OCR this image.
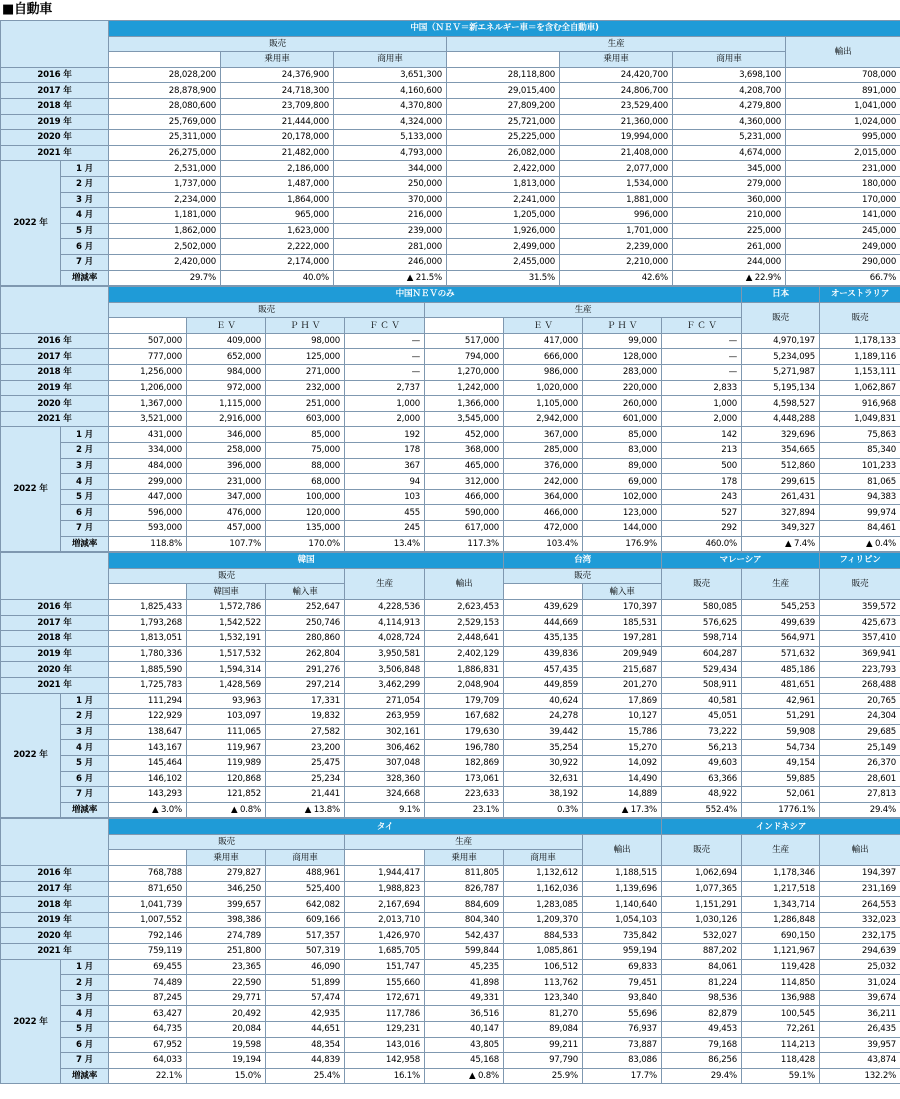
■自動車
		中国（ＮＥＶ＝新エネルギー車＝を含む全自動車)						
		販売			生産			輸出
			乗用車	商用車		乗用車	商用車	
2016 年		28,028,200	24,376,900	3,651,300	28,118,800	24,420,700	3,698,100	708,000
2017 年		28,878,900	24,718,300	4,160,600	29,015,400	24,806,700	4,208,700	891,000
2018 年		28,080,600	23,709,800	4,370,800	27,809,200	23,529,400	4,279,800	1,041,000
2019 年		25,769,000	21,444,000	4,324,000	25,721,000	21,360,000	4,360,000	1,024,000
2020 年		25,311,000	20,178,000	5,133,000	25,225,000	19,994,000	5,231,000	995,000
2021 年		26,275,000	21,482,000	4,793,000	26,082,000	21,408,000	4,674,000	2,015,000
2022 年	1 月	2,531,000	2,186,000	344,000	2,422,000	2,077,000	345,000	231,000
	2 月	1,737,000	1,487,000	250,000	1,813,000	1,534,000	279,000	180,000
	3 月	2,234,000	1,864,000	370,000	2,241,000	1,881,000	360,000	170,000
	4 月	1,181,000	965,000	216,000	1,205,000	996,000	210,000	141,000
	5 月	1,862,000	1,623,000	239,000	1,926,000	1,701,000	225,000	245,000
	6 月	2,502,000	2,222,000	281,000	2,499,000	2,239,000	261,000	249,000
	7 月	2,420,000	2,174,000	246,000	2,455,000	2,210,000	244,000	290,000
	増減率	29.7%	40.0%	▲ 21.5%	31.5%	42.6%	▲ 22.9%	66.7%
		中国ＮＥＶのみ								日本	オーストラリア
		販売				生産				販売	販売
			Ｅ Ｖ	Ｐ Ｈ Ｖ	Ｆ Ｃ Ｖ		Ｅ Ｖ	Ｐ Ｈ Ｖ	Ｆ Ｃ Ｖ		
2016 年		507,000	409,000	98,000	—	517,000	417,000	99,000	—	4,970,197	1,178,133
2017 年		777,000	652,000	125,000	—	794,000	666,000	128,000	—	5,234,095	1,189,116
2018 年		1,256,000	984,000	271,000	—	1,270,000	986,000	283,000	—	5,271,987	1,153,111
2019 年		1,206,000	972,000	232,000	2,737	1,242,000	1,020,000	220,000	2,833	5,195,134	1,062,867
2020 年		1,367,000	1,115,000	251,000	1,000	1,366,000	1,105,000	260,000	1,000	4,598,527	916,968
2021 年		3,521,000	2,916,000	603,000	2,000	3,545,000	2,942,000	601,000	2,000	4,448,288	1,049,831
2022 年	1 月	431,000	346,000	85,000	192	452,000	367,000	85,000	142	329,696	75,863
	2 月	334,000	258,000	75,000	178	368,000	285,000	83,000	213	354,665	85,340
	3 月	484,000	396,000	88,000	367	465,000	376,000	89,000	500	512,860	101,233
	4 月	299,000	231,000	68,000	94	312,000	242,000	69,000	178	299,615	81,065
	5 月	447,000	347,000	100,000	103	466,000	364,000	102,000	243	261,431	94,383
	6 月	596,000	476,000	120,000	455	590,000	466,000	123,000	527	327,894	99,974
	7 月	593,000	457,000	135,000	245	617,000	472,000	144,000	292	349,327	84,461
	増減率	118.8%	107.7%	170.0%	13.4%	117.3%	103.4%	176.9%	460.0%	▲ 7.4%	▲ 0.4%
		韓国					台湾		マレーシア		フィリピン
		販売			生産	輸出	販売		販売	生産	販売
			韓国車	輸入車				輸入車			
2016 年		1,825,433	1,572,786	252,647	4,228,536	2,623,453	439,629	170,397	580,085	545,253	359,572
2017 年		1,793,268	1,542,522	250,746	4,114,913	2,529,153	444,669	185,531	576,625	499,639	425,673
2018 年		1,813,051	1,532,191	280,860	4,028,724	2,448,641	435,135	197,281	598,714	564,971	357,410
2019 年		1,780,336	1,517,532	262,804	3,950,581	2,402,129	439,836	209,949	604,287	571,632	369,941
2020 年		1,885,590	1,594,314	291,276	3,506,848	1,886,831	457,435	215,687	529,434	485,186	223,793
2021 年		1,725,783	1,428,569	297,214	3,462,299	2,048,904	449,859	201,270	508,911	481,651	268,488
2022 年	1 月	111,294	93,963	17,331	271,054	179,709	40,624	17,869	40,581	42,961	20,765
	2 月	122,929	103,097	19,832	263,959	167,682	24,278	10,127	45,051	51,291	24,304
	3 月	138,647	111,065	27,582	302,161	179,630	39,442	15,786	73,222	59,908	29,685
	4 月	143,167	119,967	23,200	306,462	196,780	35,254	15,270	56,213	54,734	25,149
	5 月	145,464	119,989	25,475	307,048	182,869	30,922	14,092	49,603	49,154	26,370
	6 月	146,102	120,868	25,234	328,360	173,061	32,631	14,490	63,366	59,885	28,601
	7 月	143,293	121,852	21,441	324,668	223,633	38,192	14,889	48,922	52,061	27,813
	増減率	▲ 3.0%	▲ 0.8%	▲ 13.8%	9.1%	23.1%	0.3%	▲ 17.3%	552.4%	1776.1%	29.4%
		タイ							インドネシア		
		販売			生産			輸出	販売	生産	輸出
			乗用車	商用車		乗用車	商用車				
2016 年		768,788	279,827	488,961	1,944,417	811,805	1,132,612	1,188,515	1,062,694	1,178,346	194,397
2017 年		871,650	346,250	525,400	1,988,823	826,787	1,162,036	1,139,696	1,077,365	1,217,518	231,169
2018 年		1,041,739	399,657	642,082	2,167,694	884,609	1,283,085	1,140,640	1,151,291	1,343,714	264,553
2019 年		1,007,552	398,386	609,166	2,013,710	804,340	1,209,370	1,054,103	1,030,126	1,286,848	332,023
2020 年		792,146	274,789	517,357	1,426,970	542,437	884,533	735,842	532,027	690,150	232,175
2021 年		759,119	251,800	507,319	1,685,705	599,844	1,085,861	959,194	887,202	1,121,967	294,639
2022 年	1 月	69,455	23,365	46,090	151,747	45,235	106,512	69,833	84,061	119,428	25,032
	2 月	74,489	22,590	51,899	155,660	41,898	113,762	79,451	81,224	114,850	31,024
	3 月	87,245	29,771	57,474	172,671	49,331	123,340	93,840	98,536	136,988	39,674
	4 月	63,427	20,492	42,935	117,786	36,516	81,270	55,696	82,879	100,545	36,211
	5 月	64,735	20,084	44,651	129,231	40,147	89,084	76,937	49,453	72,261	26,435
	6 月	67,952	19,598	48,354	143,016	43,805	99,211	73,887	79,168	114,213	39,957
	7 月	64,033	19,194	44,839	142,958	45,168	97,790	83,086	86,256	118,428	43,874
	増減率	22.1%	15.0%	25.4%	16.1%	▲ 0.8%	25.9%	17.7%	29.4%	59.1%	132.2%
